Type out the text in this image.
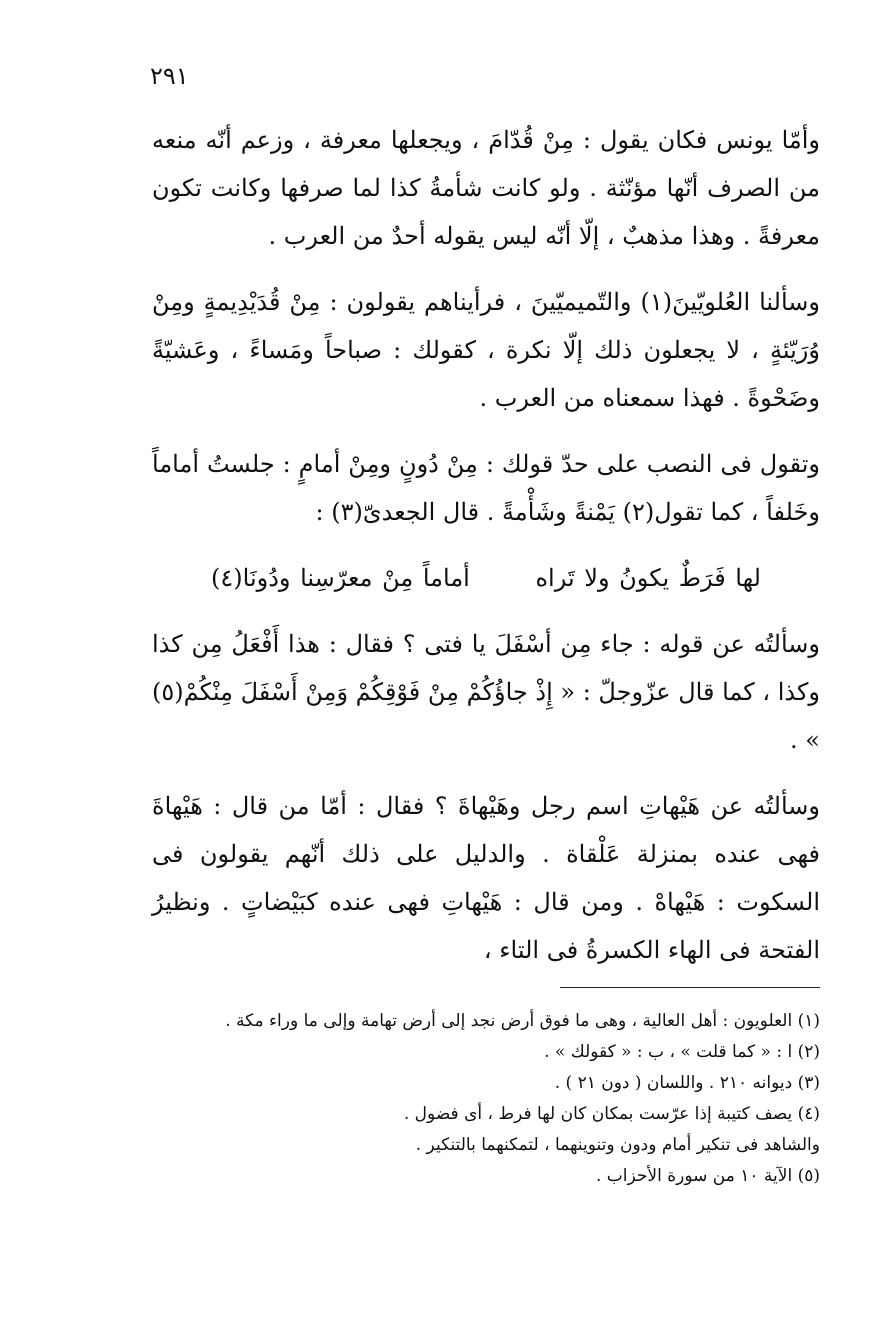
٢٩١

وأمّا يونس فكان يقول : مِنْ قُدّامَ ، ويجعلها معرفة ، وزعم أنّه منعه من الصرف أنّها مؤنّثة . ولو كانت شأمةُ كذا لما صرفها وكانت تكون معرفةً . وهذا مذهبٌ ، إلّا أنّه ليس يقوله أحدٌ من العرب .

وسألنا العُلويّينَ(١) والتّميميّينَ ، فرأيناهم يقولون : مِنْ قُدَيْدِيمةٍ ومِنْ وُرَيّئةٍ ، لا يجعلون ذلك إلّا نكرة ، كقولك : صباحاً ومَساءً ، وعَشيّةً وضَحْوةً . فهذا سمعناه من العرب .

وتقول فى النصب على حدّ قولك : مِنْ دُونٍ ومِنْ أمامٍ : جلستُ أماماً وخَلفاً ، كما تقول(٢) يَمْنةً وشَأْمةً . قال الجعدىّ(٣) :

لها فَرَطٌ يكونُ ولا تَراه أماماً مِنْ معرّسِنا ودُونَا(٤)

وسألتُه عن قوله : جاء مِن أسْفَلَ يا فتى ؟ فقال : هذا أَفْعَلُ مِن كذا وكذا ، كما قال عزّوجلّ : « إِذْ جاؤُكُمْ مِنْ فَوْقِكُمْ وَمِنْ أَسْفَلَ مِنْكُمْ(٥) » .

وسألتُه عن هَيْهاتِ اسم رجل وهَيْهاةَ ؟ فقال : أمّا من قال : هَيْهاةَ فهى عنده بمنزلة عَلْقاة . والدليل على ذلك أنّهم يقولون فى السكوت : هَيْهاهْ . ومن قال : هَيْهاتِ فهى عنده كبَيْضاتٍ . ونظيرُ الفتحة فى الهاء الكسرةُ فى التاء ،

(١) العلويون : أهل العالية ، وهى ما فوق أرض نجد إلى أرض تهامة وإلى ما وراء مكة .

(٢) ا : « كما قلت » ، ب : « كقولك » .

(٣) ديوانه ٢١٠ . واللسان ( دون ٢١ ) .

(٤) يصف كتيبة إذا عرّست بمكان كان لها فرط ، أى فضول .

والشاهد فى تنكير أمام ودون وتنوينهما ، لتمكنهما بالتنكير .

(٥) الآية ١٠ من سورة الأحزاب .
